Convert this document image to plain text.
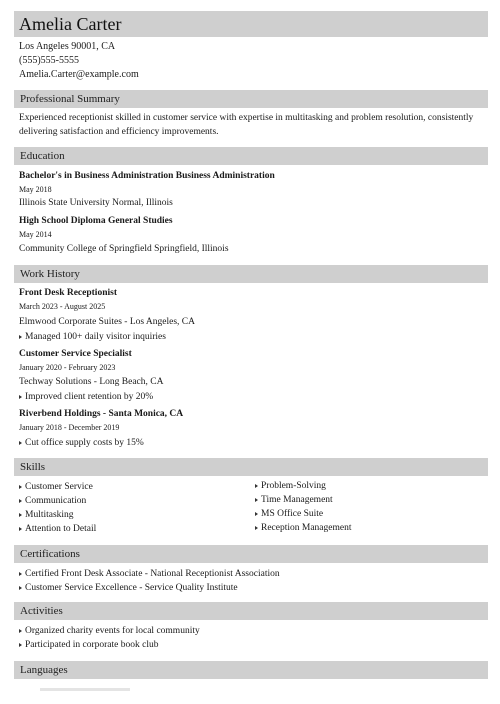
Amelia Carter
Los Angeles 90001, CA
(555)555-5555
Amelia.Carter@example.com
Professional Summary
Experienced receptionist skilled in customer service with expertise in multitasking and problem resolution, consistently delivering satisfaction and efficiency improvements.
Education
Bachelor's in Business Administration Business Administration
May 2018
Illinois State University Normal, Illinois
High School Diploma General Studies
May 2014
Community College of Springfield Springfield, Illinois
Work History
Front Desk Receptionist
March 2023 - August 2025
Elmwood Corporate Suites - Los Angeles, CA
Managed 100+ daily visitor inquiries
Customer Service Specialist
January 2020 - February 2023
Techway Solutions - Long Beach, CA
Improved client retention by 20%
Riverbend Holdings - Santa Monica, CA
January 2018 - December 2019
Cut office supply costs by 15%
Skills
Customer Service
Communication
Multitasking
Attention to Detail
Problem-Solving
Time Management
MS Office Suite
Reception Management
Certifications
Certified Front Desk Associate - National Receptionist Association
Customer Service Excellence - Service Quality Institute
Activities
Organized charity events for local community
Participated in corporate book club
Languages
